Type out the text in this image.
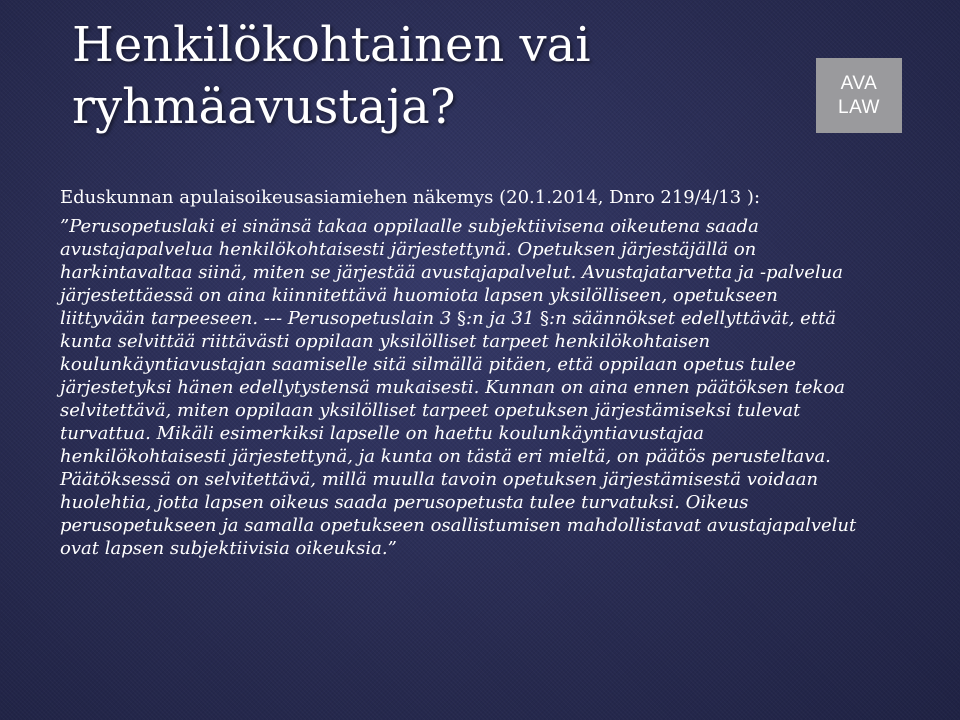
Henkilökohtainen vai
ryhmäavustaja?	AVA
LAW

Eduskunnan apulaisoikeusasiamiehen näkemys (20.1.2014, Dnro 219/4/13 ):

”Perusopetuslaki ei sinänsä takaa oppilaalle subjektiivisena oikeutena saada avustajapalvelua henkilökohtaisesti järjestettynä. Opetuksen järjestäjällä on harkintavaltaa siinä, miten se järjestää avustajapalvelut. Avustajatarvetta ja -palvelua järjestettäessä on aina kiinnitettävä huomiota lapsen yksilölliseen, opetukseen liittyvään tarpeeseen. --- Perusopetuslain 3 §:n ja 31 §:n säännökset edellyttävät, että kunta selvittää riittävästi oppilaan yksilölliset tarpeet henkilökohtaisen koulunkäyntiavustajan saamiselle sitä silmällä pitäen, että oppilaan opetus tulee järjestetyksi hänen edellytystensä mukaisesti. Kunnan on aina ennen päätöksen tekoa selvitettävä, miten oppilaan yksilölliset tarpeet opetuksen järjestämiseksi tulevat turvattua. Mikäli esimerkiksi lapselle on haettu koulunkäyntiavustajaa henkilökohtaisesti järjestettynä, ja kunta on tästä eri mieltä, on päätös perusteltava. Päätöksessä on selvitettävä, millä muulla tavoin opetuksen järjestämisestä voidaan huolehtia, jotta lapsen oikeus saada perusopetusta tulee turvatuksi. Oikeus perusopetukseen ja samalla opetukseen osallistumisen mahdollistavat avustajapalvelut ovat lapsen subjektiivisia oikeuksia.”
